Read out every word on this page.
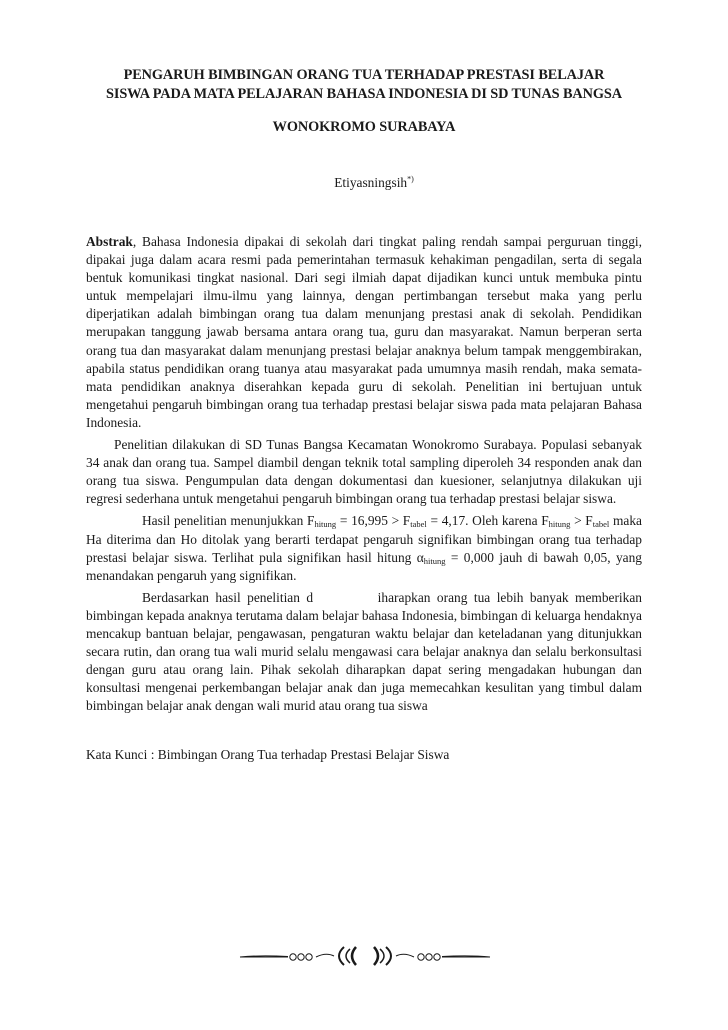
PENGARUH BIMBINGAN ORANG TUA TERHADAP PRESTASI BELAJAR

SISWA PADA MATA PELAJARAN BAHASA INDONESIA DI SD TUNAS BANGSA

WONOKROMO SURABAYA

Etiyasningsih*)

Abstrak, Bahasa Indonesia dipakai di sekolah dari tingkat paling rendah sampai perguruan tinggi, dipakai juga dalam acara resmi pada pemerintahan termasuk kehakiman pengadilan, serta di segala bentuk komunikasi tingkat nasional. Dari segi ilmiah dapat dijadikan kunci untuk membuka pintu untuk mempelajari ilmu-ilmu yang lainnya, dengan pertimbangan tersebut maka yang perlu diperjatikan adalah bimbingan orang tua dalam menunjang prestasi anak di sekolah. Pendidikan merupakan tanggung jawab bersama antara orang tua, guru dan masyarakat. Namun berperan serta orang tua dan masyarakat dalam menunjang prestasi belajar anaknya belum tampak menggembirakan, apabila status pendidikan orang tuanya atau masyarakat pada umumnya masih rendah, maka semata-mata pendidikan anaknya diserahkan kepada guru di sekolah. Penelitian ini bertujuan untuk mengetahui pengaruh bimbingan orang tua terhadap prestasi belajar siswa pada mata pelajaran Bahasa Indonesia.

Penelitian dilakukan di SD Tunas Bangsa Kecamatan Wonokromo Surabaya. Populasi sebanyak 34 anak dan orang tua. Sampel diambil dengan teknik total sampling diperoleh 34 responden anak dan orang tua siswa. Pengumpulan data dengan dokumentasi dan kuesioner, selanjutnya dilakukan uji regresi sederhana untuk mengetahui pengaruh bimbingan orang tua terhadap prestasi belajar siswa.

Hasil penelitian menunjukkan Fhitung = 16,995 > Ftabel = 4,17. Oleh karena Fhitung > Ftabel maka Ha diterima dan Ho ditolak yang berarti terdapat pengaruh signifikan bimbingan orang tua terhadap prestasi belajar siswa. Terlihat pula signifikan hasil hitung αhitung = 0,000 jauh di bawah 0,05, yang menandakan pengaruh yang signifikan.

Berdasarkan hasil penelitian d          iharapkan orang tua lebih banyak memberikan bimbingan kepada anaknya terutama dalam belajar bahasa Indonesia, bimbingan di keluarga hendaknya mencakup bantuan belajar, pengawasan, pengaturan waktu belajar dan keteladanan yang ditunjukkan secara rutin, dan orang tua wali murid selalu mengawasi cara belajar anaknya dan selalu berkonsultasi dengan guru atau orang lain. Pihak sekolah diharapkan dapat sering mengadakan hubungan dan konsultasi mengenai perkembangan belajar anak dan juga memecahkan kesulitan yang timbul dalam bimbingan belajar anak dengan wali murid atau orang tua siswa

Kata Kunci : Bimbingan Orang Tua terhadap Prestasi Belajar Siswa
